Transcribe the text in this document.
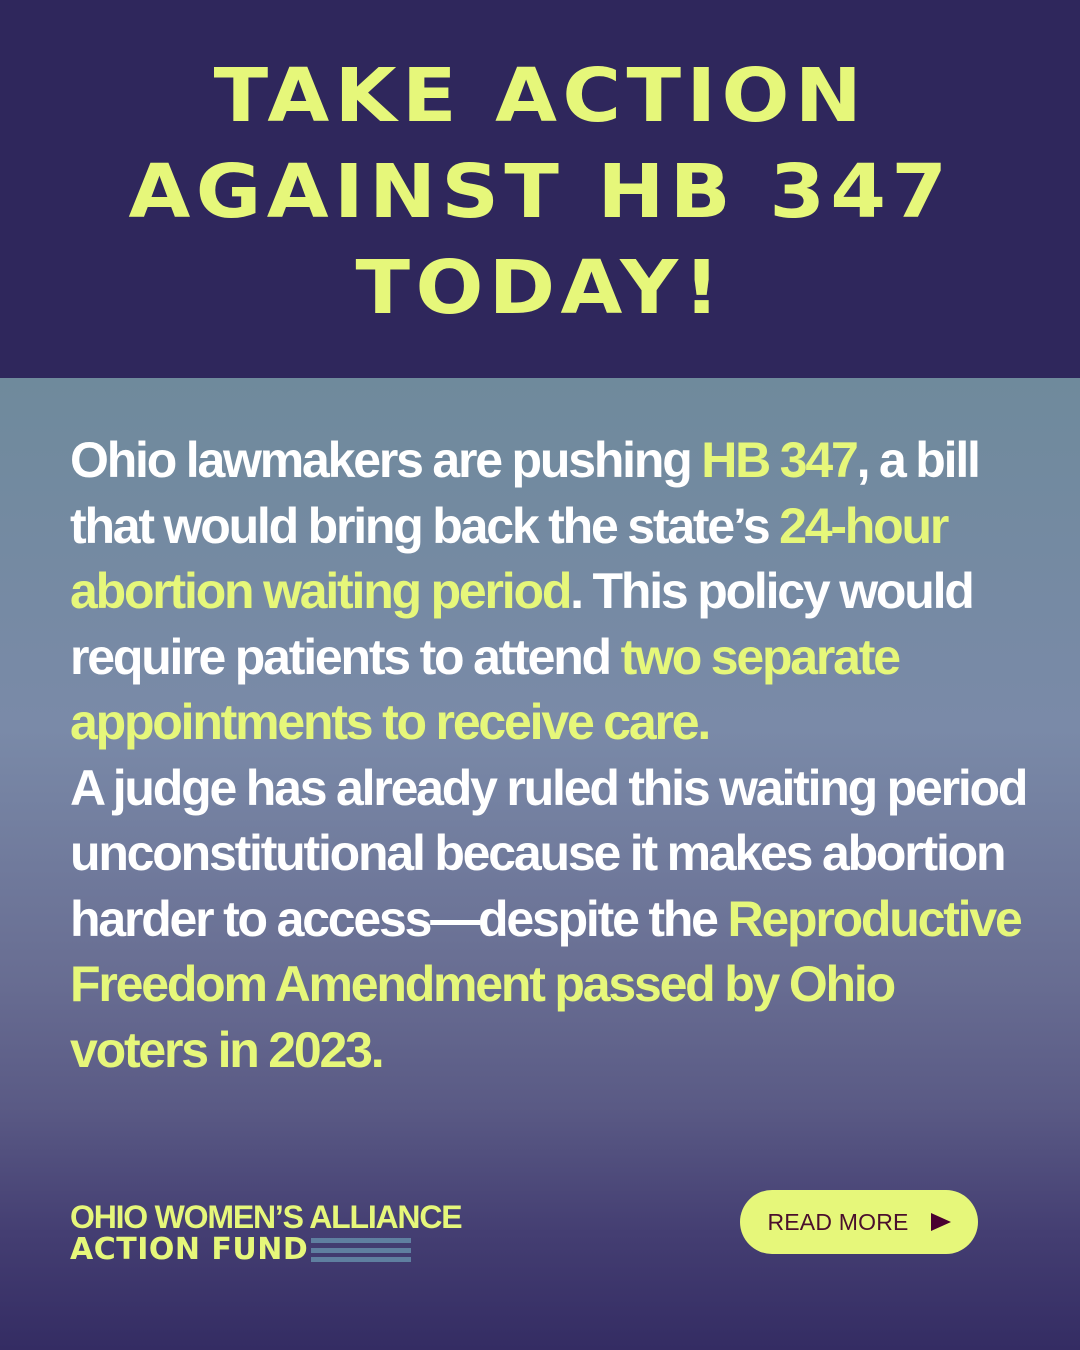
TAKE ACTION
AGAINST HB 347
TODAY!

Ohio lawmakers are pushing HB 347, a bill that would bring back the state’s 24-hour abortion waiting period. This policy would require patients to attend two separate appointments to receive care.

A judge has already ruled this waiting period unconstitutional because it makes abortion harder to access—despite the Reproductive Freedom Amendment passed by Ohio voters in 2023.

OHIO WOMEN’S ALLIANCE
ACTION FUND
READ MORE
